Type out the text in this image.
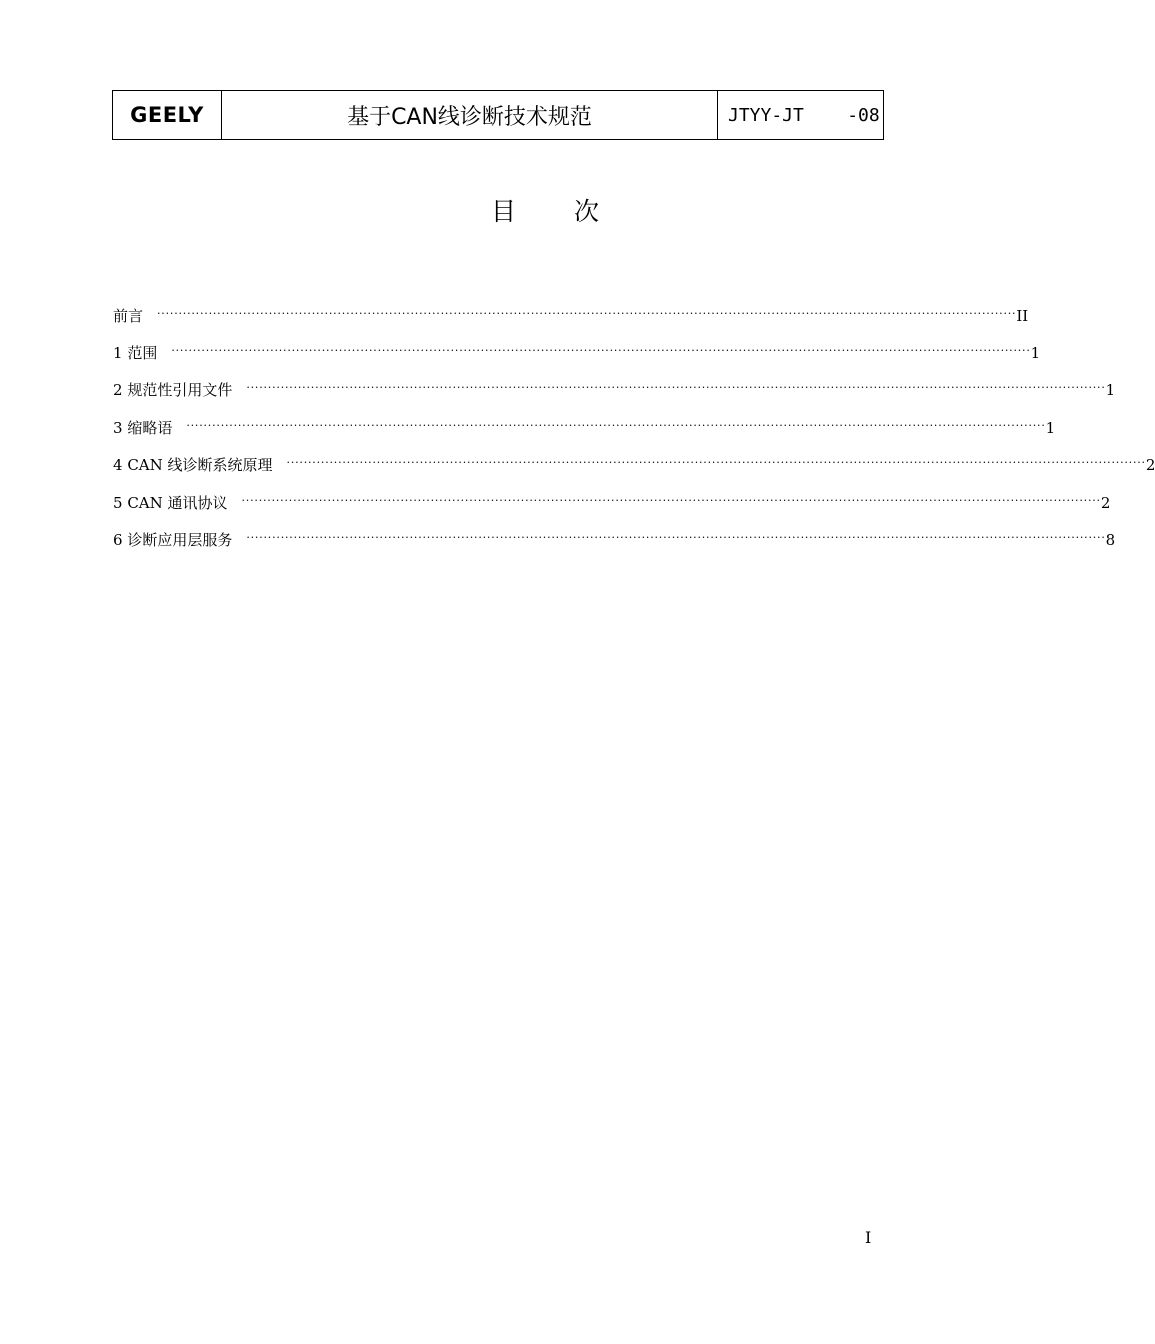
GEELY	基于CAN线诊断技术规范	JTYY-JT    -08
目 次
前言 ········································································································································································································ II
1 范围 ········································································································································································································ 1
2 规范性引用文件 ········································································································································································································ 1
3 缩略语 ········································································································································································································ 1
4 CAN 线诊断系统原理 ········································································································································································································ 2
5 CAN 通讯协议 ········································································································································································································ 2
6 诊断应用层服务 ········································································································································································································ 8
I
